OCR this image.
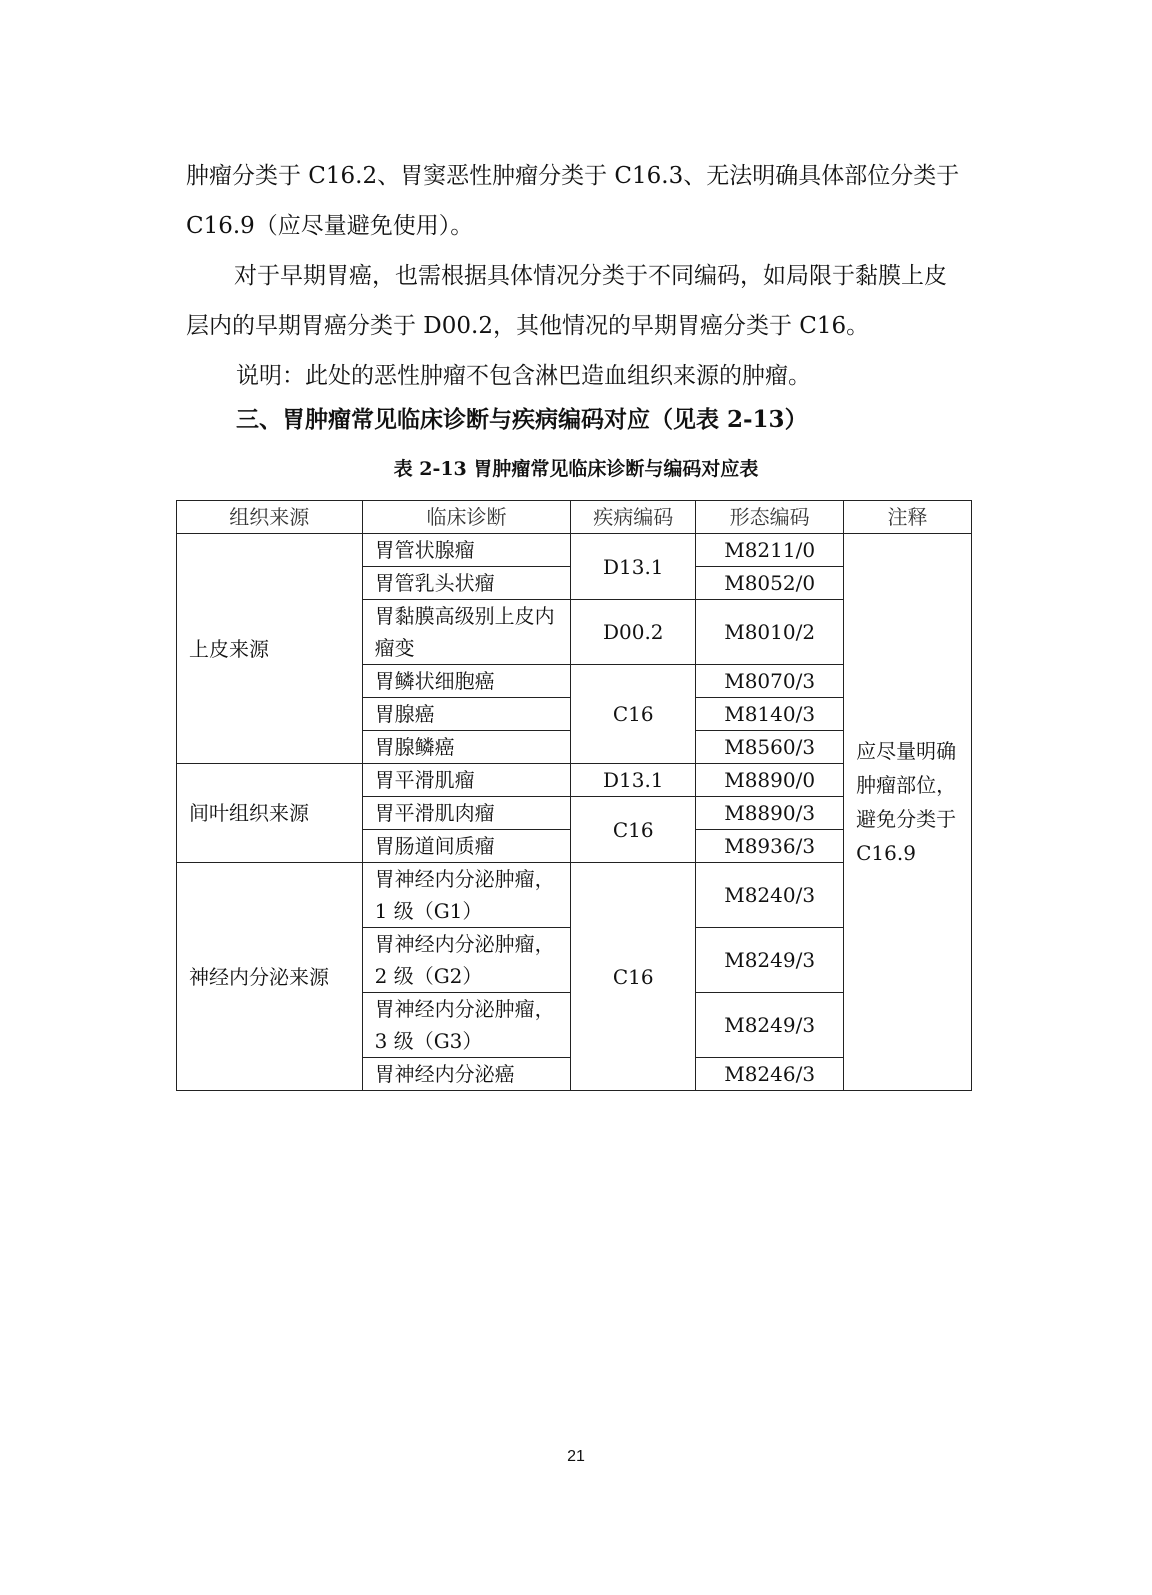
肿瘤分类于 C16.2、胃窦恶性肿瘤分类于 C16.3、无法明确具体部位分类于 C16.9（应尽量避免使用）。

对于早期胃癌，也需根据具体情况分类于不同编码，如局限于黏膜上皮层内的早期胃癌分类于 D00.2，其他情况的早期胃癌分类于 C16。

说明：此处的恶性肿瘤不包含淋巴造血组织来源的肿瘤。

三、胃肿瘤常见临床诊断与疾病编码对应（见表 2-13）

表 2-13 胃肿瘤常见临床诊断与编码对应表

组织来源	临床诊断	疾病编码	形态编码	注释
上皮来源	胃管状腺瘤	D13.1	M8211/0	应尽量明确肿瘤部位，避免分类于 C16.9
	胃管乳头状瘤		M8052/0	
	胃黏膜高级别上皮内瘤变	D00.2	M8010/2	
	胃鳞状细胞癌	C16	M8070/3	
	胃腺癌		M8140/3	
	胃腺鳞癌		M8560/3	
间叶组织来源	胃平滑肌瘤	D13.1	M8890/0	
	胃平滑肌肉瘤	C16	M8890/3	
	胃肠道间质瘤		M8936/3	
神经内分泌来源	胃神经内分泌肿瘤，1 级（G1）	C16	M8240/3	
	胃神经内分泌肿瘤，2 级（G2）		M8249/3	
	胃神经内分泌肿瘤，3 级（G3）		M8249/3	
	胃神经内分泌癌		M8246/3	

21
